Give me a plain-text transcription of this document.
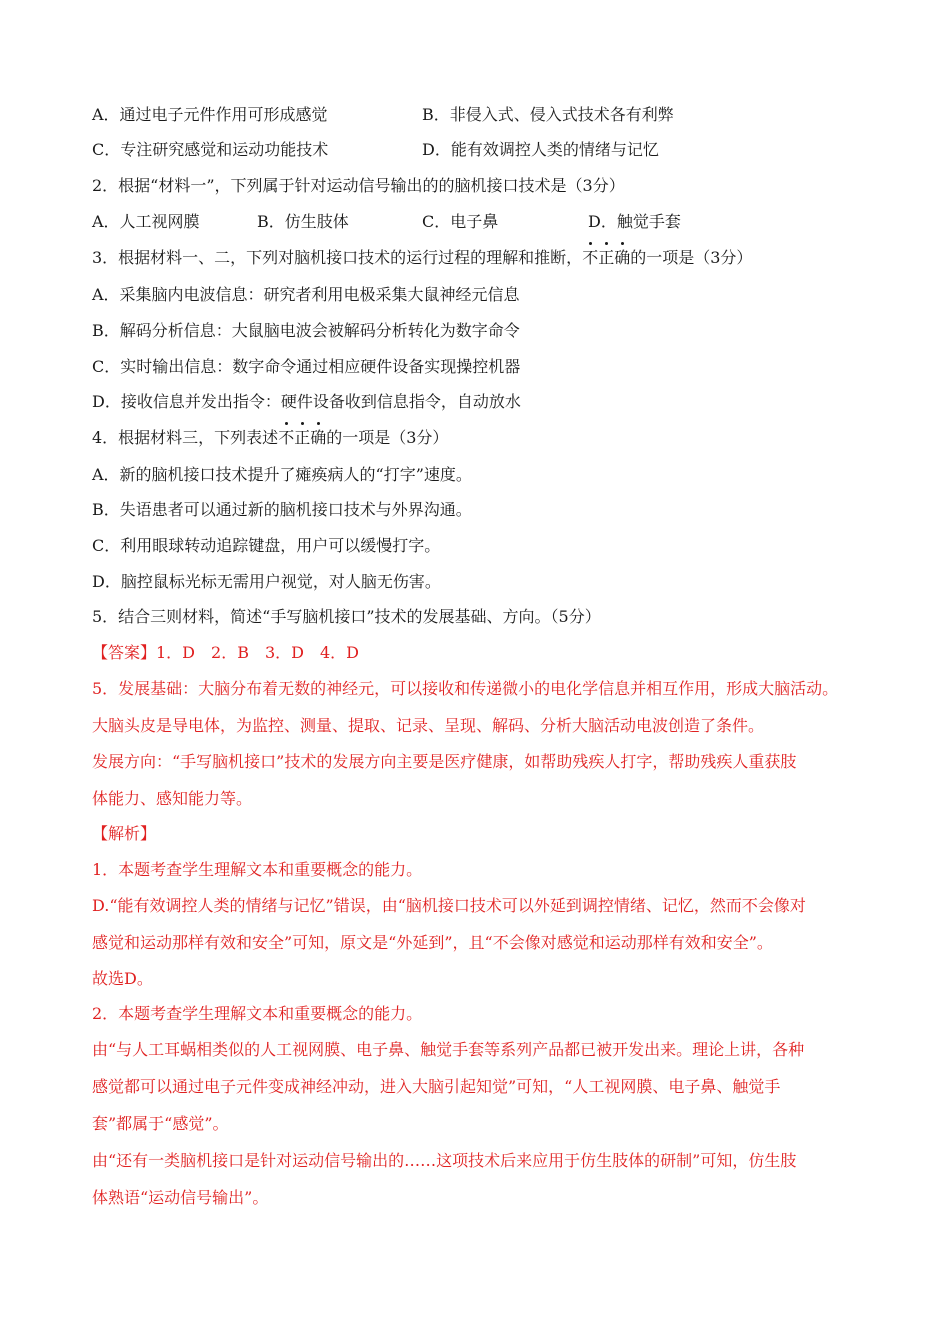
A．通过电子元件作用可形成感觉	B．非侵入式、侵入式技术各有利弊
C．专注研究感觉和运动功能技术	D．能有效调控人类的情绪与记忆
2．根据“材料一”，下列属于针对运动信号输出的的脑机接口技术是（3分）
A．人工视网膜	B．仿生肢体	C．电子鼻	D．触觉手套
3．根据材料一、二，下列对脑机接口技术的运行过程的理解和推断，不正确的一项是（3分）
A．采集脑内电波信息：研究者利用电极采集大鼠神经元信息
B．解码分析信息：大鼠脑电波会被解码分析转化为数字命令
C．实时输出信息：数字命令通过相应硬件设备实现操控机器
D．接收信息并发出指令：硬件设备收到信息指令，自动放水
4．根据材料三，下列表述不正确的一项是（3分）
A．新的脑机接口技术提升了瘫痪病人的“打字”速度。
B．失语患者可以通过新的脑机接口技术与外界沟通。
C．利用眼球转动追踪键盘，用户可以缓慢打字。
D．脑控鼠标光标无需用户视觉，对人脑无伤害。
5．结合三则材料，简述“手写脑机接口”技术的发展基础、方向。（5分）
【答案】1．D　2．B　3．D　4．D
5．发展基础：大脑分布着无数的神经元，可以接收和传递微小的电化学信息并相互作用，形成大脑活动。
大脑头皮是导电体，为监控、测量、提取、记录、呈现、解码、分析大脑活动电波创造了条件。
发展方向：“手写脑机接口”技术的发展方向主要是医疗健康，如帮助残疾人打字，帮助残疾人重获肢
体能力、感知能力等。
【解析】
1．本题考查学生理解文本和重要概念的能力。
D.“能有效调控人类的情绪与记忆”错误，由“脑机接口技术可以外延到调控情绪、记忆，然而不会像对
感觉和运动那样有效和安全”可知，原文是“外延到”，且“不会像对感觉和运动那样有效和安全”。
故选D。
2．本题考查学生理解文本和重要概念的能力。
由“与人工耳蜗相类似的人工视网膜、电子鼻、触觉手套等系列产品都已被开发出来。理论上讲，各种
感觉都可以通过电子元件变成神经冲动，进入大脑引起知觉”可知，“人工视网膜、电子鼻、触觉手
套”都属于“感觉”。
由“还有一类脑机接口是针对运动信号输出的……这项技术后来应用于仿生肢体的研制”可知，仿生肢
体熟语“运动信号输出”。
